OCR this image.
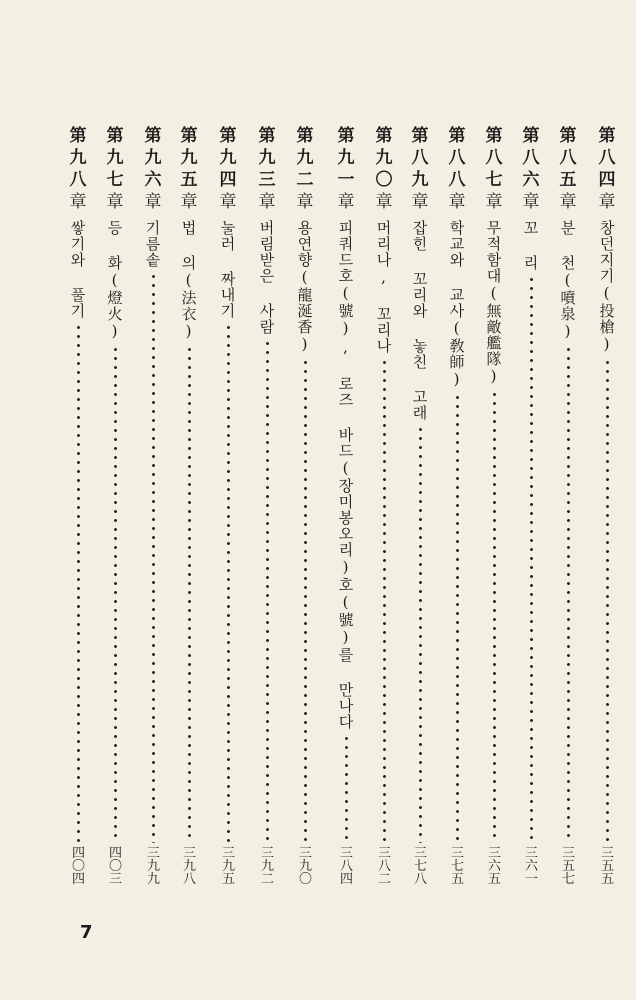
第
八
四
章
창던지기(投槍)
三
五
五
第
八
五
章
분 천(噴泉)
三
五
七
第
八
六
章
꼬 리
三
六
一
第
八
七
章
무적함대(無敵艦隊)
三
六
五
第
八
八
章
학교와 교사(敎師)
三
七
五
第
八
九
章
잡힌 꼬리와 놓친 고래
三
七
八
第
九
〇
章
머리나, 꼬리나
三
八
二
第
九
一
章
피쿼드호(號), 로즈 바드(장미봉오리)호(號)를 만나다
三
八
四
第
九
二
章
용연향(龍涎香)
三
九
〇
第
九
三
章
버림받은 사람
三
九
二
第
九
四
章
눌러 짜내기
三
九
五
第
九
五
章
법 의(法衣)
三
九
八
第
九
六
章
기름솥
三
九
九
第
九
七
章
등 화(燈火)
四
〇
三
第
九
八
章
쌓기와 풀기
四
〇
四
7
